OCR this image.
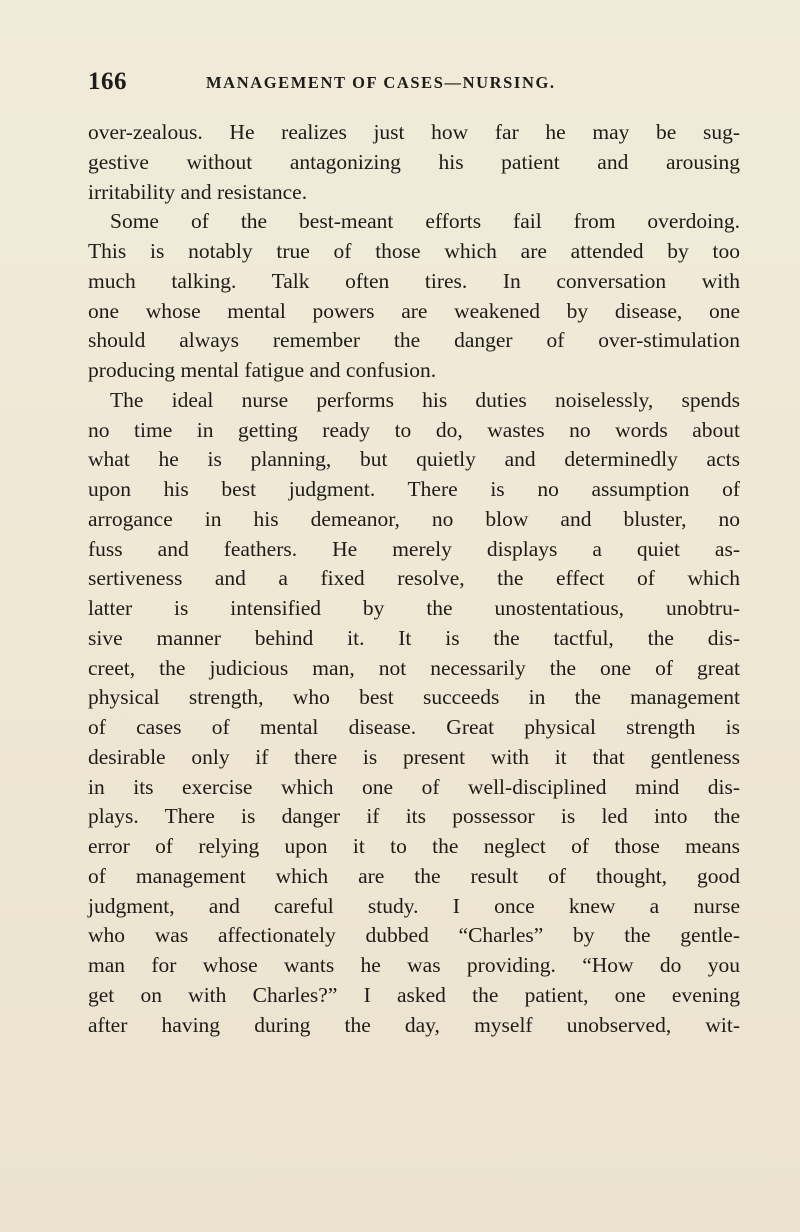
166	MANAGEMENT OF CASES—NURSING.
over-zealous. He realizes just how far he may be sug-
gestive without antagonizing his patient and arousing
irritability and resistance.
Some of the best-meant efforts fail from overdoing.
This is notably true of those which are attended by too
much talking. Talk often tires. In conversation with
one whose mental powers are weakened by disease, one
should always remember the danger of over-stimulation
producing mental fatigue and confusion.
The ideal nurse performs his duties noiselessly, spends
no time in getting ready to do, wastes no words about
what he is planning, but quietly and determinedly acts
upon his best judgment. There is no assumption of
arrogance in his demeanor, no blow and bluster, no
fuss and feathers. He merely displays a quiet as-
sertiveness and a fixed resolve, the effect of which
latter is intensified by the unostentatious, unobtru-
sive manner behind it. It is the tactful, the dis-
creet, the judicious man, not necessarily the one of great
physical strength, who best succeeds in the management
of cases of mental disease. Great physical strength is
desirable only if there is present with it that gentleness
in its exercise which one of well-disciplined mind dis-
plays. There is danger if its possessor is led into the
error of relying upon it to the neglect of those means
of management which are the result of thought, good
judgment, and careful study. I once knew a nurse
who was affectionately dubbed “Charles” by the gentle-
man for whose wants he was providing. “How do you
get on with Charles?” I asked the patient, one evening
after having during the day, myself unobserved, wit-
